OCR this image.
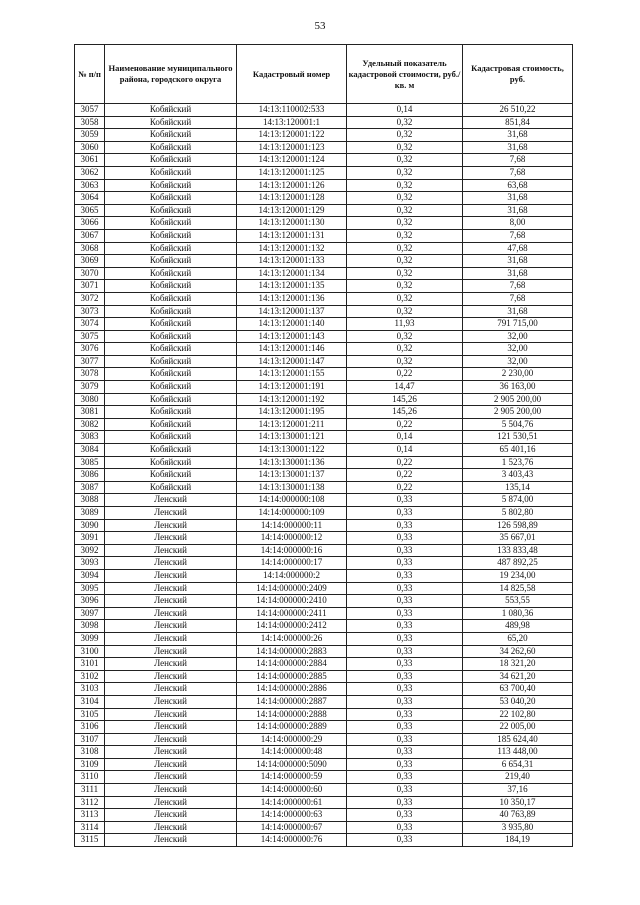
53
№ п/п	Наименование муниципального района, городского округа	Кадастровый номер	Удельный показатель кадастровой стоимости, руб./кв. м	Кадастровая стоимость, руб.
3057	Кобяйский	14:13:110002:533	0,14	26 510,22
3058	Кобяйский	14:13:120001:1	0,32	851,84
3059	Кобяйский	14:13:120001:122	0,32	31,68
3060	Кобяйский	14:13:120001:123	0,32	31,68
3061	Кобяйский	14:13:120001:124	0,32	7,68
3062	Кобяйский	14:13:120001:125	0,32	7,68
3063	Кобяйский	14:13:120001:126	0,32	63,68
3064	Кобяйский	14:13:120001:128	0,32	31,68
3065	Кобяйский	14:13:120001:129	0,32	31,68
3066	Кобяйский	14:13:120001:130	0,32	8,00
3067	Кобяйский	14:13:120001:131	0,32	7,68
3068	Кобяйский	14:13:120001:132	0,32	47,68
3069	Кобяйский	14:13:120001:133	0,32	31,68
3070	Кобяйский	14:13:120001:134	0,32	31,68
3071	Кобяйский	14:13:120001:135	0,32	7,68
3072	Кобяйский	14:13:120001:136	0,32	7,68
3073	Кобяйский	14:13:120001:137	0,32	31,68
3074	Кобяйский	14:13:120001:140	11,93	791 715,00
3075	Кобяйский	14:13:120001:143	0,32	32,00
3076	Кобяйский	14:13:120001:146	0,32	32,00
3077	Кобяйский	14:13:120001:147	0,32	32,00
3078	Кобяйский	14:13:120001:155	0,22	2 230,00
3079	Кобяйский	14:13:120001:191	14,47	36 163,00
3080	Кобяйский	14:13:120001:192	145,26	2 905 200,00
3081	Кобяйский	14:13:120001:195	145,26	2 905 200,00
3082	Кобяйский	14:13:120001:211	0,22	5 504,76
3083	Кобяйский	14:13:130001:121	0,14	121 530,51
3084	Кобяйский	14:13:130001:122	0,14	65 401,16
3085	Кобяйский	14:13:130001:136	0,22	1 523,76
3086	Кобяйский	14:13:130001:137	0,22	3 403,43
3087	Кобяйский	14:13:130001:138	0,22	135,14
3088	Ленский	14:14:000000:108	0,33	5 874,00
3089	Ленский	14:14:000000:109	0,33	5 802,80
3090	Ленский	14:14:000000:11	0,33	126 598,89
3091	Ленский	14:14:000000:12	0,33	35 667,01
3092	Ленский	14:14:000000:16	0,33	133 833,48
3093	Ленский	14:14:000000:17	0,33	487 892,25
3094	Ленский	14:14:000000:2	0,33	19 234,00
3095	Ленский	14:14:000000:2409	0,33	14 825,58
3096	Ленский	14:14:000000:2410	0,33	553,55
3097	Ленский	14:14:000000:2411	0,33	1 080,36
3098	Ленский	14:14:000000:2412	0,33	489,98
3099	Ленский	14:14:000000:26	0,33	65,20
3100	Ленский	14:14:000000:2883	0,33	34 262,60
3101	Ленский	14:14:000000:2884	0,33	18 321,20
3102	Ленский	14:14:000000:2885	0,33	34 621,20
3103	Ленский	14:14:000000:2886	0,33	63 700,40
3104	Ленский	14:14:000000:2887	0,33	53 040,20
3105	Ленский	14:14:000000:2888	0,33	22 102,80
3106	Ленский	14:14:000000:2889	0,33	22 005,00
3107	Ленский	14:14:000000:29	0,33	185 624,40
3108	Ленский	14:14:000000:48	0,33	113 448,00
3109	Ленский	14:14:000000:5090	0,33	6 654,31
3110	Ленский	14:14:000000:59	0,33	219,40
3111	Ленский	14:14:000000:60	0,33	37,16
3112	Ленский	14:14:000000:61	0,33	10 350,17
3113	Ленский	14:14:000000:63	0,33	40 763,89
3114	Ленский	14:14:000000:67	0,33	3 935,80
3115	Ленский	14:14:000000:76	0,33	184,19
